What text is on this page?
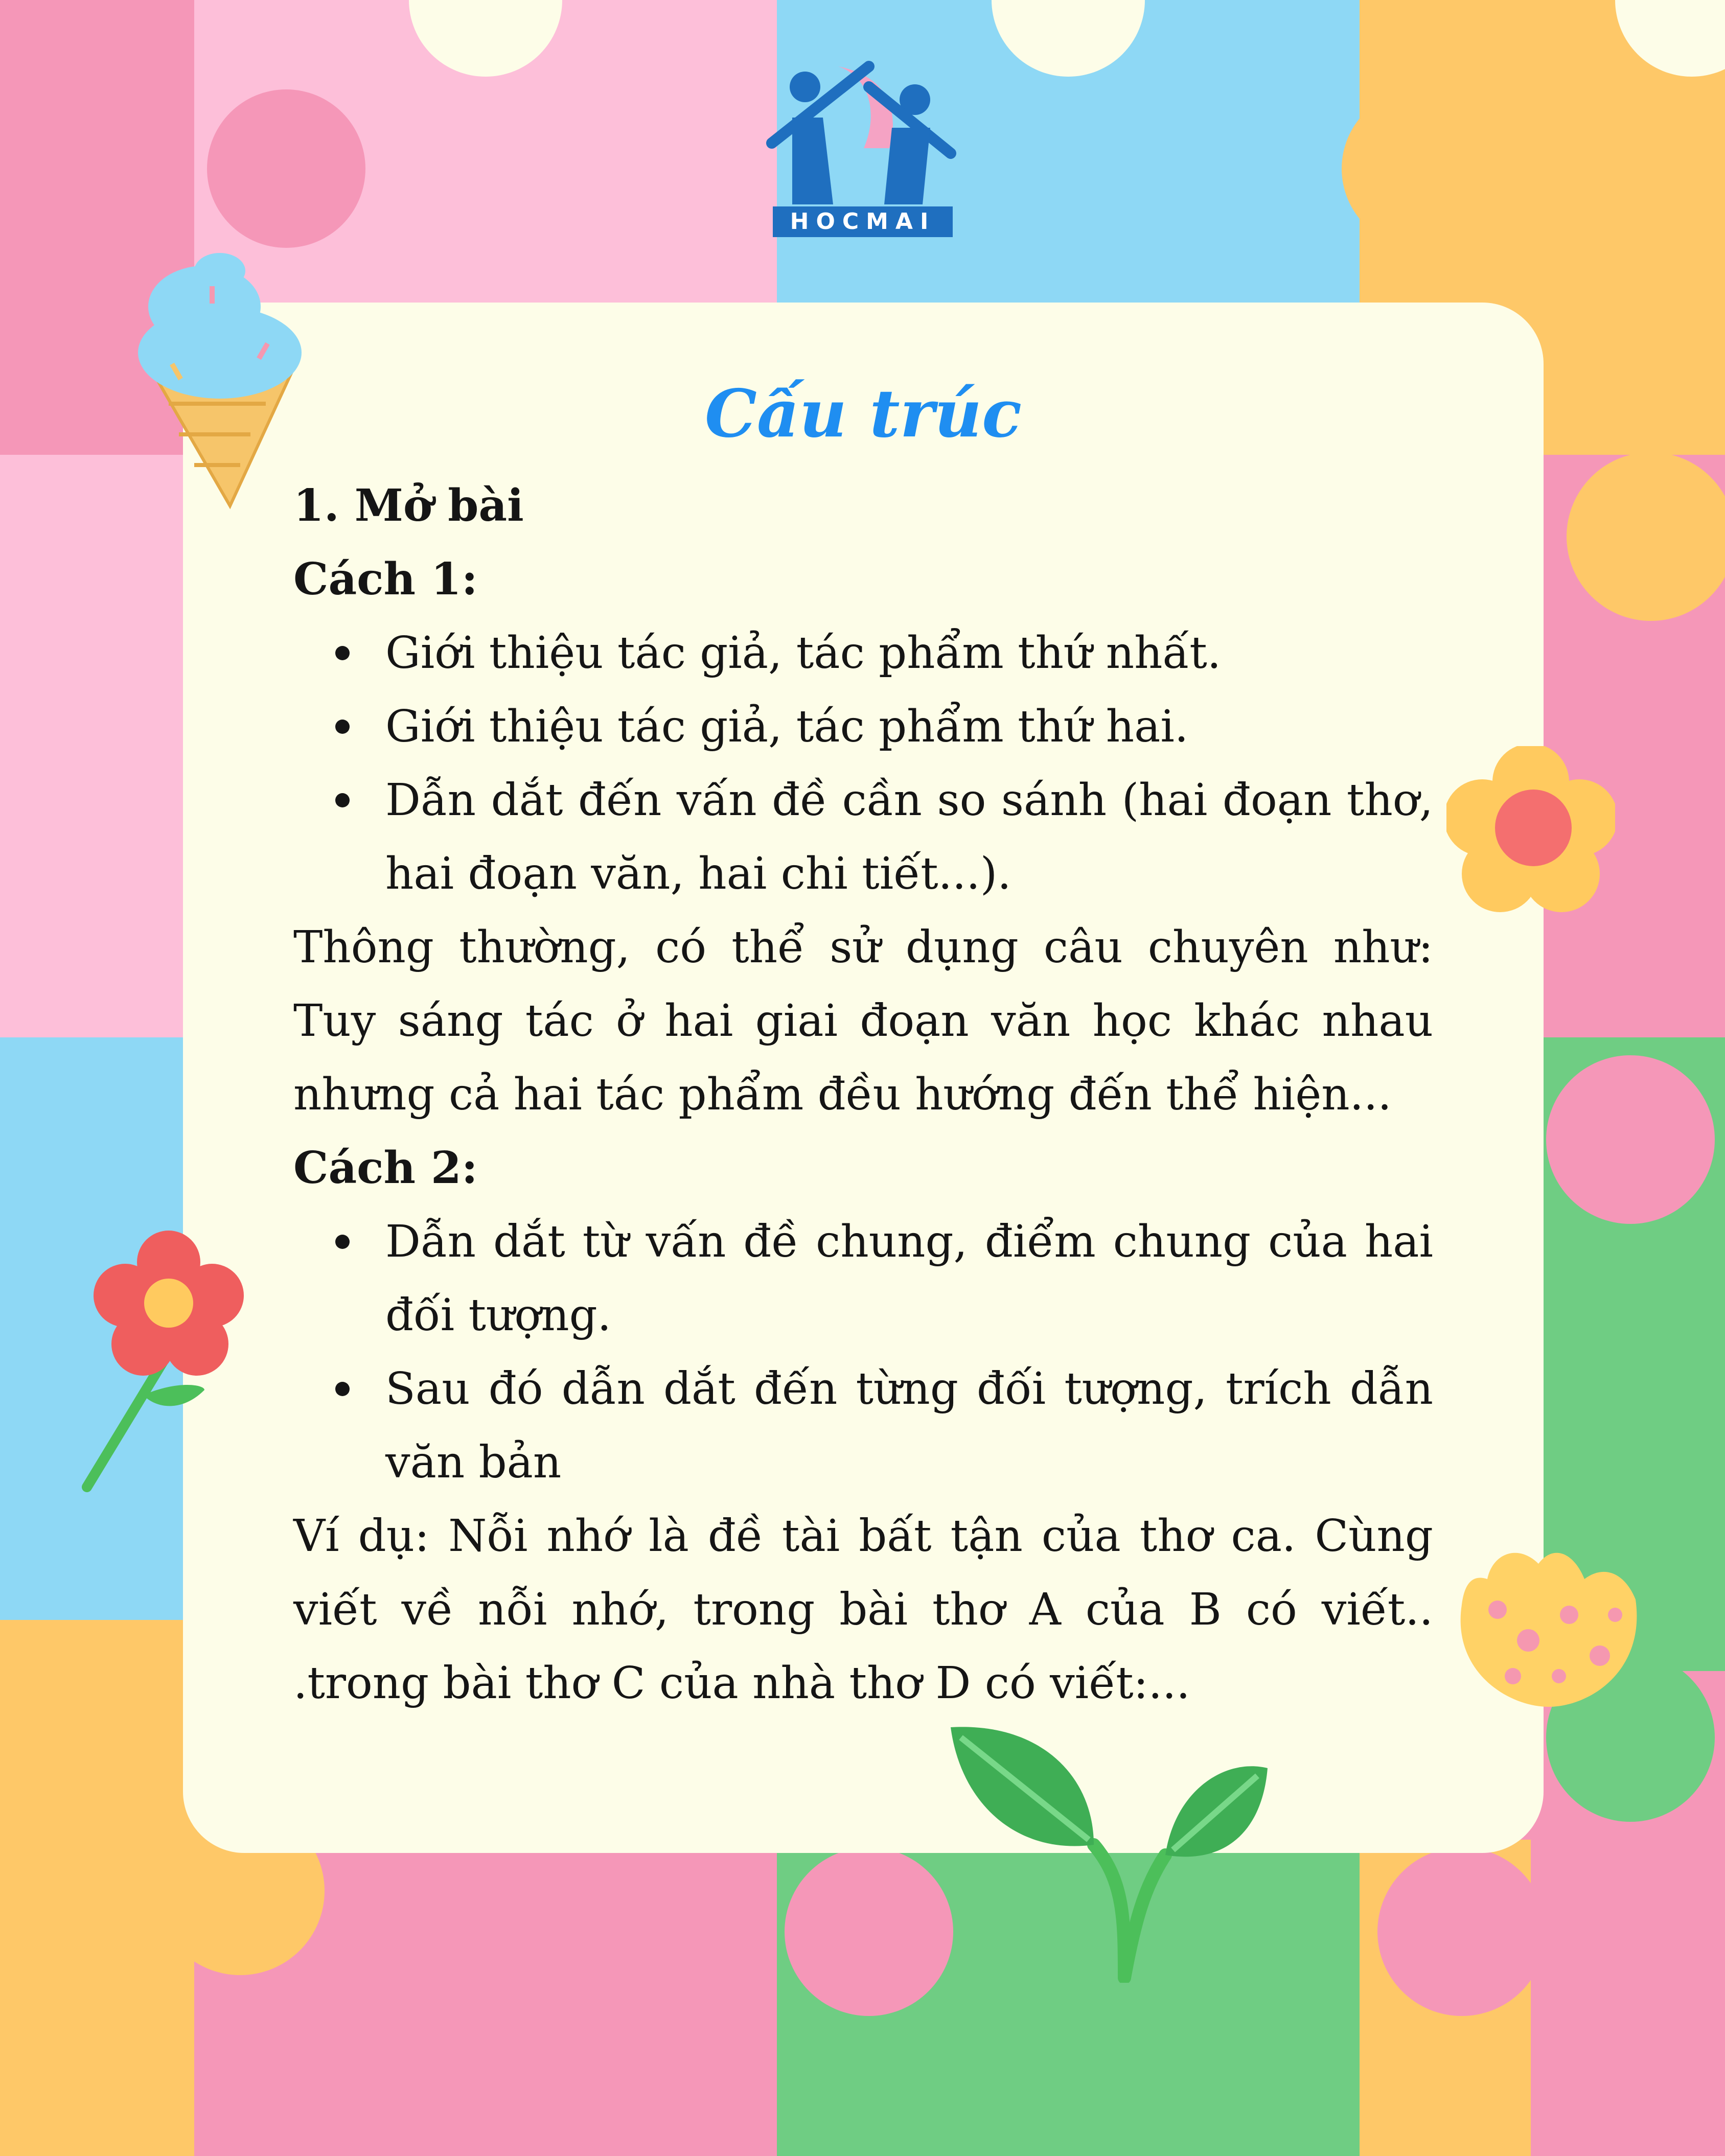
HOCMAI
Cấu trúc
1. Mở bài
Cách 1:
Giới thiệu tác giả, tác phẩm thứ nhất.
Giới thiệu tác giả, tác phẩm thứ hai.
Dẫn dắt đến vấn đề cần so sánh (hai đoạn thơ, hai đoạn văn, hai chi tiết...).
Thông thường, có thể sử dụng câu chuyên như: Tuy sáng tác ở hai giai đoạn văn học khác nhau nhưng cả hai tác phẩm đều hướng đến thể hiện...
Cách 2:
Dẫn dắt từ vấn đề chung, điểm chung của hai đối tượng.
Sau đó dẫn dắt đến từng đối tượng, trích dẫn văn bản
Ví dụ: Nỗi nhớ là đề tài bất tận của thơ ca. Cùng viết về nỗi nhớ, trong bài thơ A của B có viết.. .trong bài thơ C của nhà thơ D có viết:...
